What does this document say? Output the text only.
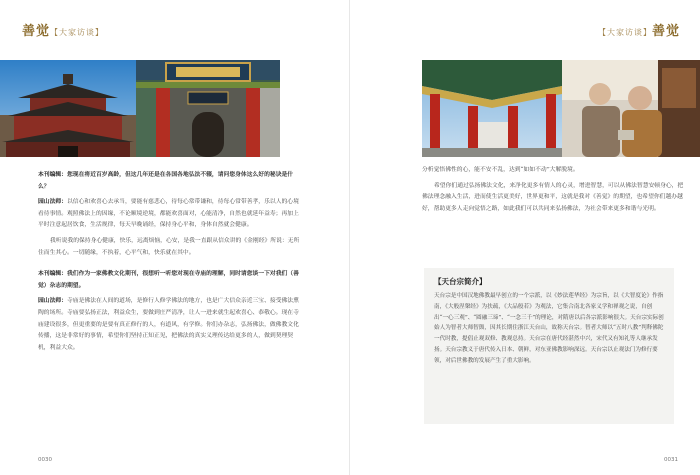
善觉【大家访谈】

本刊编辑：您现在将近百岁高龄，但这几年还是在各国各地弘法不辍，请问您身体这么好的秘诀是什么？

园山法师：以信心和欢喜心去承当，要能有慈悲心，待每心常带谦和，待每心常带善孝，乐以人的心境看待事情。观照佛法上的因缘，不论顺境逆境，都能欢喜面对，心能清净，自然也就延年益寿；再加上平时注意起居饮食，生活规律，每天早晚诵经，保持身心平和，身体自然就会健康。

我听说我的保持身心健康，快乐，远离烦恼，心安，是我一直跟从信众讲的《金刚经》所说：无所住而生其心。一切随缘，不执着，心平气和，快乐就在其中。

本刊编辑：我们作为一家佛教文化期刊，很想听一听您对现在寺庙的理解，同时请您谈一下对我们（善觉）杂志的期望。

园山法师：寺庙是佛法在人间的道场，是修行人修学佛法的地方，也是广大信众亲近三宝、接受佛法熏陶的场所。寺庙要弘扬正法，利益众生，要做到庄严清净，让人一进来就生起欢喜心、恭敬心。现在寺庙建设很多，但更重要的是要有真正修行的人，有道风，有学修。你们办杂志，弘扬佛法，做佛教文化传播，这是非常好的事情，希望你们坚持正知正见，把佛法的真实义理传达给更多的人，做到契理契机，利益大众。

0030
【大家访谈】善觉

分析觉悟佛性的心，能不安不乱，达到“如如不动”大解脱境。

希望你们通过弘扬佛法文化，来净化更多有情人的心灵，增进智慧，可以从佛法智慧安顿身心，把佛法理念融入生活，进而使生活更美好，世界更和平，这就是我对《善觉》的期望，也希望你们越办越好，帮助更多人走向觉悟之路，如此我们可以共同来弘扬佛法，为社会带来更多和谐与光明。

0031
【天台宗简介】
天台宗是中国汉地佛教最早创立的一个宗派，以《妙法莲华经》为宗旨，以《大智度论》作指南，《大般涅槃经》为扶疏，《大品般若》为观法，它集合南北各家义学和禅观之说，自创出“一心三观”、“圆融三谛”、“一念三千”的理论，对隋唐以后各宗派影响很大。天台宗实际创始人为智者大师智顗，因其长期住浙江天台山，故称天台宗。智者大师以“五时八教”判释佛陀一代时教，提倡止观双修、教观总持。天台宗在唐代经湛然中兴，宋代又有知礼等人继承发扬。天台宗教义于唐代传入日本、朝鲜，对东亚佛教影响深远。天台宗以止观法门为修行要领，对后世佛教的发展产生了重大影响。
